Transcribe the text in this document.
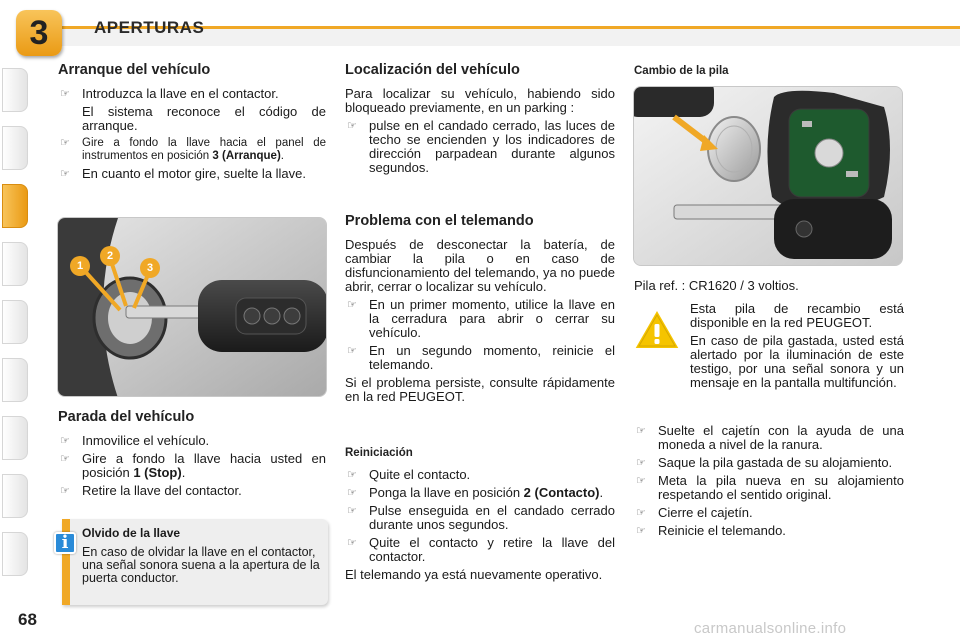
3	APERTURAS
Arranque del vehículo
☞ Introduzca la llave en el contactor.
El sistema reconoce el código de arranque.
☞ Gire a fondo la llave hacia el panel de instrumentos en posición 3 (Arranque).
☞ En cuanto el motor gire, suelte la llave.
1
2
3
Parada del vehículo
☞ Inmovilice el vehículo.
☞ Gire a fondo la llave hacia usted en posición 1 (Stop).
☞ Retire la llave del contactor.
Olvido de la llave
En caso de olvidar la llave en el contactor, una señal sonora suena a la apertura de la puerta conductor.
i
Localización del vehículo
Para localizar su vehículo, habiendo sido bloqueado previamente, en un parking :
☞ pulse en el candado cerrado, las luces de techo se encienden y los indicadores de dirección parpadean durante algunos segundos.
Problema con el telemando
Después de desconectar la batería, de cambiar la pila o en caso de disfuncionamiento del telemando, ya no puede abrir, cerrar o localizar su vehículo.
☞ En un primer momento, utilice la llave en la cerradura para abrir o cerrar su vehículo.
☞ En un segundo momento, reinicie el telemando.
Si el problema persiste, consulte rápidamente en la red PEUGEOT.
Reiniciación
☞ Quite el contacto.
☞ Ponga la llave en posición 2 (Contacto).
☞ Pulse enseguida en el candado cerrado durante unos segundos.
☞ Quite el contacto y retire la llave del contactor.
El telemando ya está nuevamente operativo.
Cambio de la pila
Pila ref. : CR1620 / 3 voltios.
Esta pila de recambio está disponible en la red PEUGEOT.
En caso de pila gastada, usted está alertado por la iluminación de este testigo, por una señal sonora y un mensaje en la pantalla multifunción.
☞ Suelte el cajetín con la ayuda de una moneda a nivel de la ranura.
☞ Saque la pila gastada de su alojamiento.
☞ Meta la pila nueva en su alojamiento respetando el sentido original.
☞ Cierre el cajetín.
☞ Reinicie el telemando.
68	carmanualsonline.info
